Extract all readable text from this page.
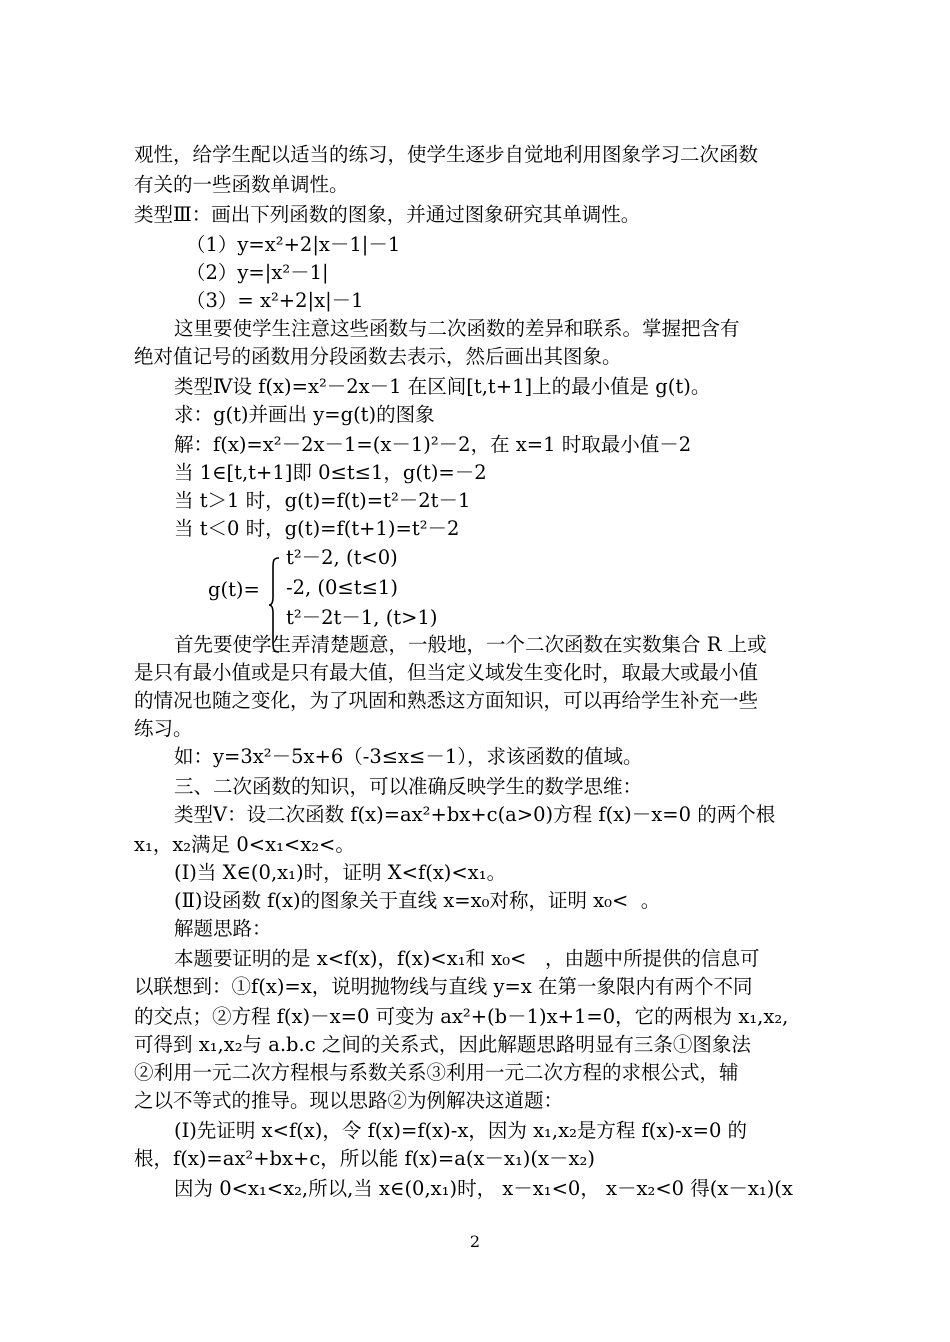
观性，给学生配以适当的练习，使学生逐步自觉地利用图象学习二次函数
有关的一些函数单调性。
类型Ⅲ：画出下列函数的图象，并通过图象研究其单调性。
（1）y=x²+2|x－1|－1
（2）y=|x²－1|
（3）= x²+2|x|－1
这里要使学生注意这些函数与二次函数的差异和联系。掌握把含有
绝对值记号的函数用分段函数去表示，然后画出其图象。
类型Ⅳ设 f(x)=x²－2x－1 在区间[t,t+1]上的最小值是 g(t)。
求：g(t)并画出 y=g(t)的图象
解：f(x)=x²－2x－1=(x－1)²－2，在 x=1 时取最小值－2
当 1∈[t,t+1]即 0≤t≤1，g(t)=－2
当 t＞1 时，g(t)=f(t)=t²－2t－1
当 t＜0 时，g(t)=f(t+1)=t²－2
g(t)=
t²－2, (t<0)
-2, (0≤t≤1)
t²－2t－1, (t>1)
首先要使学生弄清楚题意，一般地，一个二次函数在实数集合 R 上或
是只有最小值或是只有最大值，但当定义域发生变化时，取最大或最小值
的情况也随之变化，为了巩固和熟悉这方面知识，可以再给学生补充一些
练习。
如：y=3x²－5x+6（-3≤x≤－1），求该函数的值域。
三、二次函数的知识，可以准确反映学生的数学思维：
类型Ⅴ：设二次函数 f(x)=ax²+bx+c(a>0)方程 f(x)－x=0 的两个根
x₁，x₂满足 0<x₁<x₂<。
(Ⅰ)当 X∈(0,x₁)时，证明 X<f(x)<x₁。
(Ⅱ)设函数 f(x)的图象关于直线 x=x₀对称，证明 x₀<  。
解题思路：
本题要证明的是 x<f(x)，f(x)<x₁和 x₀<   ，由题中所提供的信息可
以联想到：①f(x)=x，说明抛物线与直线 y=x 在第一象限内有两个不同
的交点；②方程 f(x)－x=0 可变为 ax²+(b－1)x+1=0，它的两根为 x₁,x₂,
可得到 x₁,x₂与 a.b.c 之间的关系式，因此解题思路明显有三条①图象法
②利用一元二次方程根与系数关系③利用一元二次方程的求根公式，辅
之以不等式的推导。现以思路②为例解决这道题：
(Ⅰ)先证明 x<f(x)，令 f(x)=f(x)-x，因为 x₁,x₂是方程 f(x)-x=0 的
根，f(x)=ax²+bx+c，所以能 f(x)=a(x－x₁)(x－x₂)
因为 0<x₁<x₂,所以,当 x∈(0,x₁)时， x－x₁<0， x－x₂<0 得(x－x₁)(x
2
